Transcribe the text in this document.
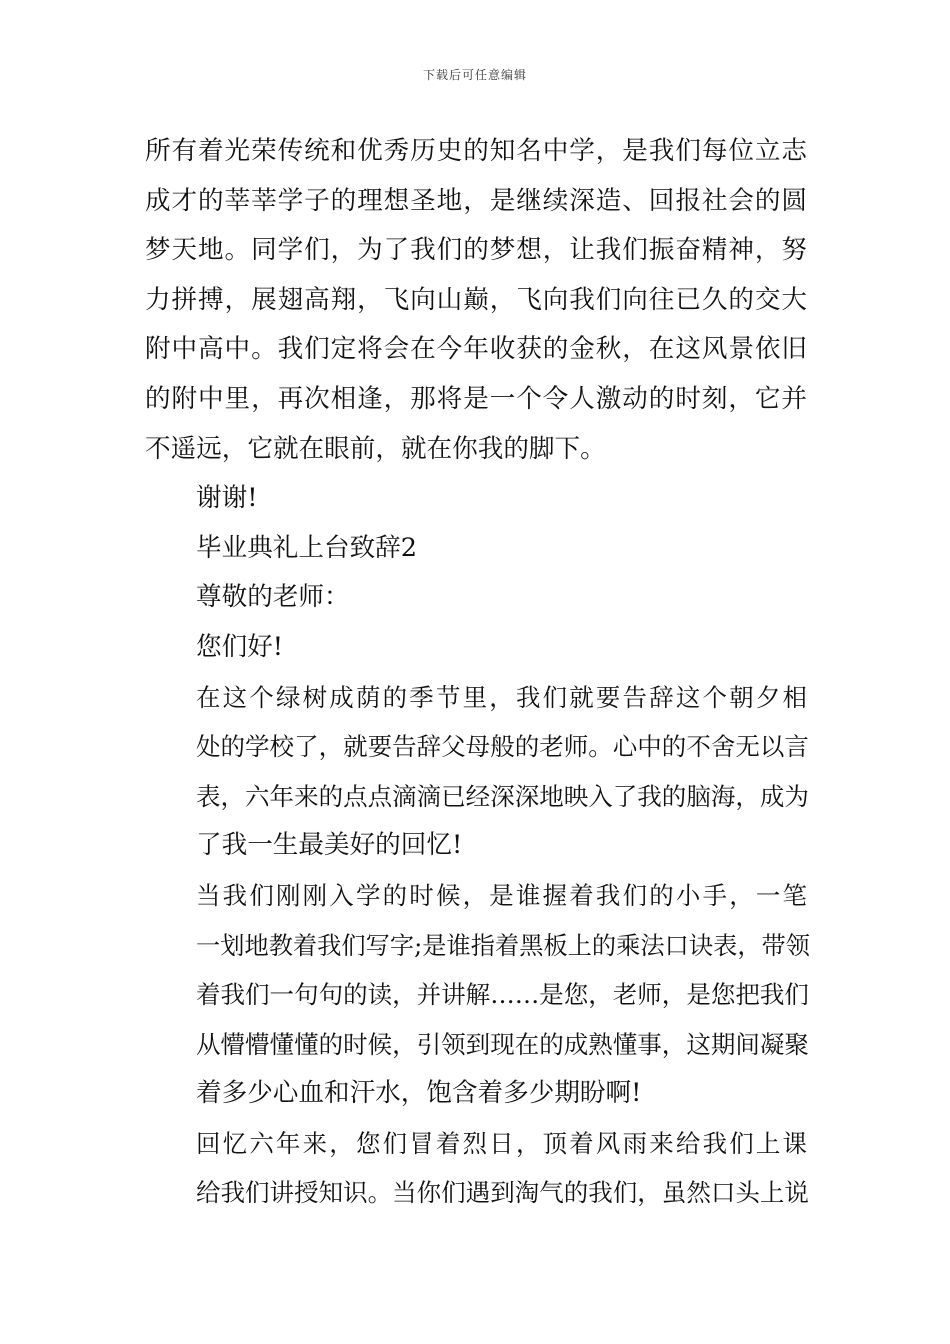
下载后可任意编辑

所有着光荣传统和优秀历史的知名中学，是我们每位立志
成才的莘莘学子的理想圣地，是继续深造、回报社会的圆
梦天地。同学们，为了我们的梦想，让我们振奋精神，努
力拼搏，展翅高翔，飞向山巅，飞向我们向往已久的交大
附中高中。我们定将会在今年收获的金秋，在这风景依旧
的附中里，再次相逢，那将是一个令人激动的时刻，它并
不遥远，它就在眼前，就在你我的脚下。

谢谢!

毕业典礼上台致辞2

尊敬的老师：

您们好!

在这个绿树成荫的季节里，我们就要告辞这个朝夕相
处的学校了，就要告辞父母般的老师。心中的不舍无以言
表，六年来的点点滴滴已经深深地映入了我的脑海，成为
了我一生最美好的回忆!

当我们刚刚入学的时候，是谁握着我们的小手，一笔
一划地教着我们写字;是谁指着黑板上的乘法口诀表，带领
着我们一句句的读，并讲解……是您，老师，是您把我们
从懵懵懂懂的时候，引领到现在的成熟懂事，这期间凝聚
着多少心血和汗水，饱含着多少期盼啊!

回忆六年来，您们冒着烈日，顶着风雨来给我们上课
给我们讲授知识。当你们遇到淘气的我们，虽然口头上说
